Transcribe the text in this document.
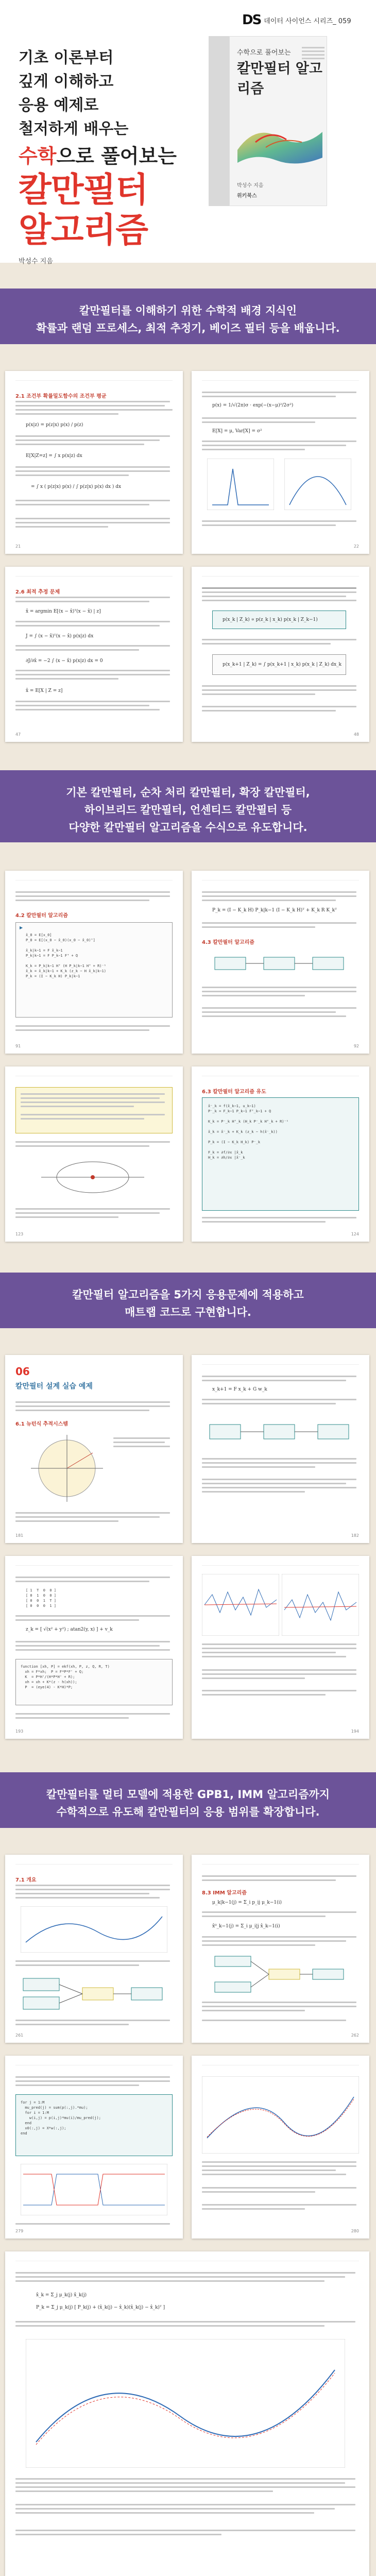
DS 데이터 사이언스 시리즈_ 059
기초 이론부터
깊게 이해하고
응용 예제로
철저하게 배우는
수학으로 풀어보는
칼만필터
알고리즘
수학으로 풀어보는
칼만필터 알고리즘
박성수 지음
위키북스
박성수 지음
칼만필터를 이해하기 위한 수학적 배경 지식인
확률과 랜덤 프로세스, 최적 추정기, 베이즈 필터 등을 배웁니다.
2.1 조건부 확률밀도함수의 조건부 평균
p(x|z) = p(z|x) p(x) / p(z)
E[X|Z=z] = ∫ x p(x|z) dx
= ∫ x ( p(z|x) p(x) / ∫ p(z|x) p(x) dx ) dx
21
p(x) = 1/√(2π)σ · exp(−(x−μ)²/2σ²)
E[X] = μ, Var[X] = σ²
22
2.6 최적 추정 문제
x̂ = argmin E[(x − x̂)ᵀ(x − x̂) | z]
J = ∫ (x − x̂)ᵀ(x − x̂) p(x|z) dx
∂J/∂x̂ = −2 ∫ (x − x̂) p(x|z) dx = 0
x̂ = E[X | Z = z]
47
p(x_k | Z_k) ∝ p(z_k | x_k) p(x_k | Z_k−1)
p(x_k+1 | Z_k) = ∫ p(x_k+1 | x_k) p(x_k | Z_k) dx_k
48
기본 칼만필터, 순차 처리 칼만필터, 확장 칼만필터,
하이브리드 칼만필터, 언센티드 칼만필터 등
다양한 칼만필터 알고리즘을 수식으로 유도합니다.
4.2 칼만필터 알고리즘
▶
x̂_0 = E[x_0]
P_0 = E[(x_0 − x̂_0)(x_0 − x̂_0)ᵀ]

x̂_k|k−1 = F x̂_k−1
P_k|k−1 = F P_k−1 Fᵀ + Q

K_k = P_k|k−1 Hᵀ (H P_k|k−1 Hᵀ + R)⁻¹
x̂_k = x̂_k|k−1 + K_k (z_k − H x̂_k|k−1)
P_k = (I − K_k H) P_k|k−1
91
P_k = (I − K_k H) P_k|k−1 (I − K_k H)ᵀ + K_k R K_kᵀ
4.3 칼만필터 알고리즘
92
123
6.3 칼만필터 알고리즘 유도
x̂⁻_k = f(x̂_k−1, u_k−1)
P⁻_k = F_k−1 P_k−1 Fᵀ_k−1 + Q

K_k = P⁻_k Hᵀ_k (H_k P⁻_k Hᵀ_k + R)⁻¹

x̂_k = x̂⁻_k + K_k (z_k − h(x̂⁻_k))

P_k = (I − K_k H_k) P⁻_k

F_k = ∂f/∂x |x̂_k
H_k = ∂h/∂x |x̂⁻_k
124
칼만필터 알고리즘을 5가지 응용문제에 적용하고
매트랩 코드로 구현합니다.
06
칼만필터 설계 실습 예제
6.1 뉴턴식 추적시스템
181
x_k+1 = F x_k + G w_k
182
[ 1  T  0  0 ]
[ 0  1  0  0 ]
[ 0  0  1  T ]
[ 0  0  0  1 ]
z_k = [ √(x² + y²) ; atan2(y, x) ] + v_k
function [xh, P] = ekf(xh, P, z, Q, R, T)
xh = F*xh;  P = F*P*F' + Q;
K  = P*H'/(H*P*H' + R);
xh = xh + K*(z - h(xh));
P  = (eye(4) - K*H)*P;
193	194
칼만필터를 멀티 모델에 적용한 GPB1, IMM 알고리즘까지
수학적으로 유도해 칼만필터의 응용 범위를 확장합니다.
7.1 개요
261
8.3 IMM 알고리즘
μ_k|k−1(j) = Σ_i p_ij μ_k−1(i)
x̂⁰_k−1(j) = Σ_i μ_i|j x̂_k−1(i)
262
for j = 1:M
mu_pred(j) = sum(p(:,j).*mu);
for i = 1:M
w(i,j) = p(i,j)*mu(i)/mu_pred(j);
end
x0(:,j) = X*w(:,j);
end
279	280
x̂_k = Σ_j μ_k(j) x̂_k(j)
P_k = Σ_j μ_k(j) [ P_k(j) + (x̂_k(j) − x̂_k)(x̂_k(j) − x̂_k)ᵀ ]
